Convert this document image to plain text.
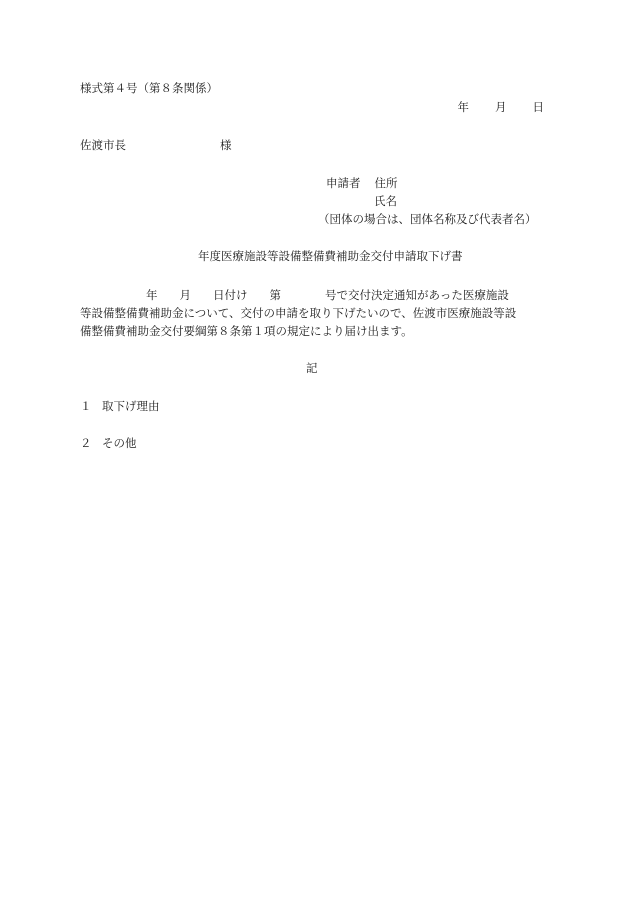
様式第４号（第８条関係）
年 月 日
佐渡市長	様
申請者 住所
氏名
（団体の場合は、団体名称及び代表者名）
年度医療施設等設備整備費補助金交付申請取下げ書
年 月 日付け 第	号で交付決定通知があった医療施設
等設備整備費補助金について、交付の申請を取り下げたいので、佐渡市医療施設等設
備整備費補助金交付要綱第８条第１項の規定により届け出ます。
記
１ 取下げ理由
２ その他
